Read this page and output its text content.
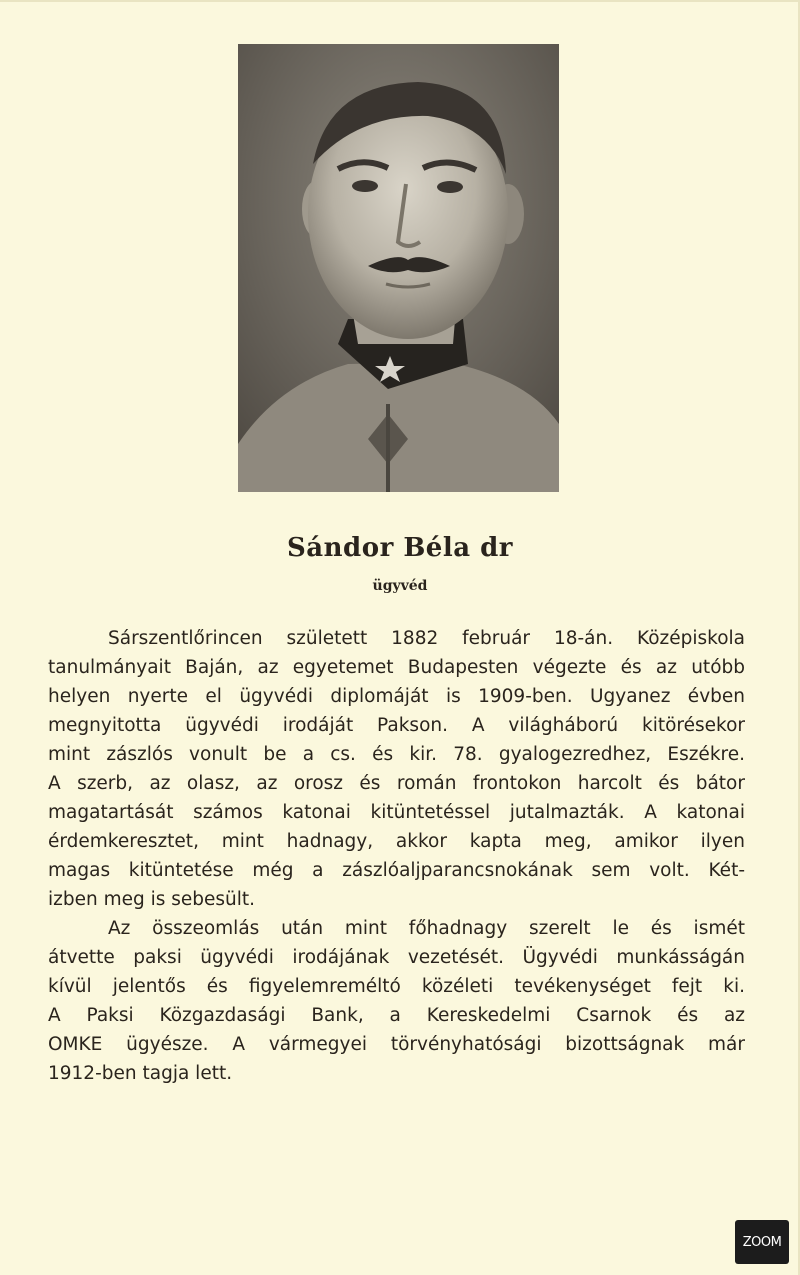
Sándor Béla dr
ügyvéd
Sárszentlőrincen született 1882 február 18-án. Középiskola
tanulmányait Baján, az egyetemet Budapesten végezte és az utóbb
helyen nyerte el ügyvédi diplomáját is 1909-ben. Ugyanez évben
megnyitotta ügyvédi irodáját Pakson. A világháború kitörésekor
mint zászlós vonult be a cs. és kir. 78. gyalogezredhez, Eszékre.
A szerb, az olasz, az orosz és román frontokon harcolt és bátor
magatartását számos katonai kitüntetéssel jutalmazták. A katonai
érdemkeresztet, mint hadnagy, akkor kapta meg, amikor ilyen
magas kitüntetése még a zászlóaljparancsnokának sem volt. Két-
izben meg is sebesült.
Az összeomlás után mint főhadnagy szerelt le és ismét
átvette paksi ügyvédi irodájának vezetését. Ügyvédi munkásságán
kívül jelentős és figyelemreméltó közéleti tevékenységet fejt ki.
A Paksi Közgazdasági Bank, a Kereskedelmi Csarnok és az
OMKE ügyésze. A vármegyei törvényhatósági bizottságnak már
1912-ben tagja lett.
ZOOM
